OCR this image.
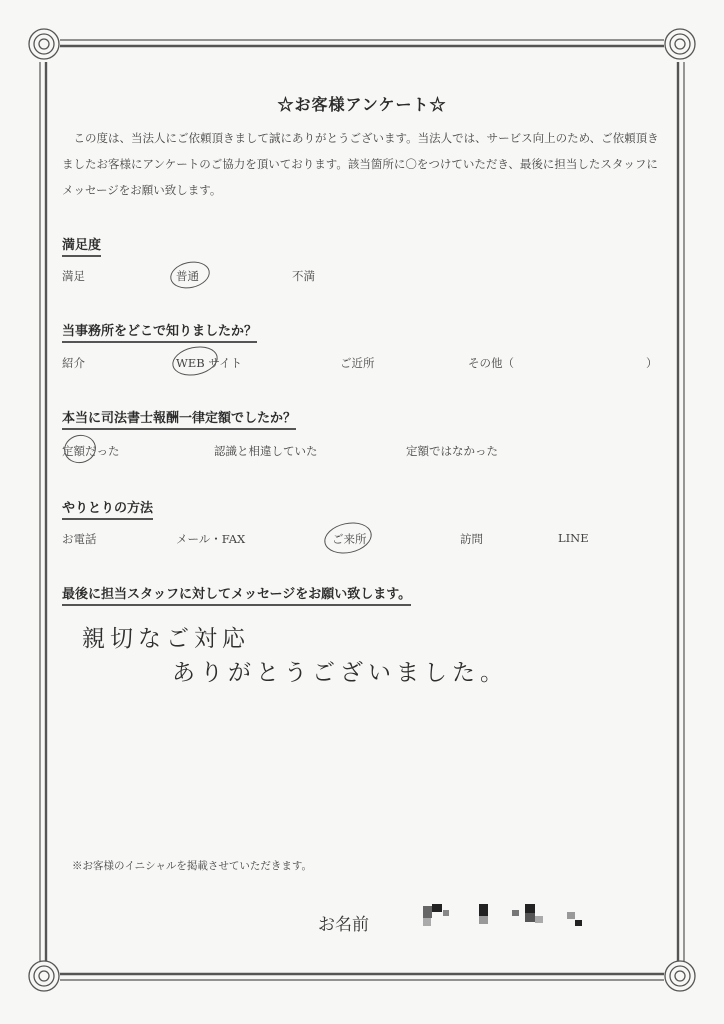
☆お客様アンケート☆

この度は、当法人にご依頼頂きまして誠にありがとうございます。当法人では、サービス向上のため、ご依頼頂きましたお客様にアンケートのご協力を頂いております。該当箇所に〇をつけていただき、最後に担当したスタッフにメッセージをお願い致します。

満足度
満足	普通	不満
当事務所をどこで知りましたか？
紹介	WEB サイト	ご近所	その他（	）
本当に司法書士報酬一律定額でしたか？
定額だった	認識と相違していた	定額ではなかった
やりとりの方法
お電話	メール・FAX	ご来所	訪問	LINE
最後に担当スタッフに対してメッセージをお願い致します。
親切なご対応
ありがとうございました。
※お客様のイニシャルを掲載させていただきます。
お名前
